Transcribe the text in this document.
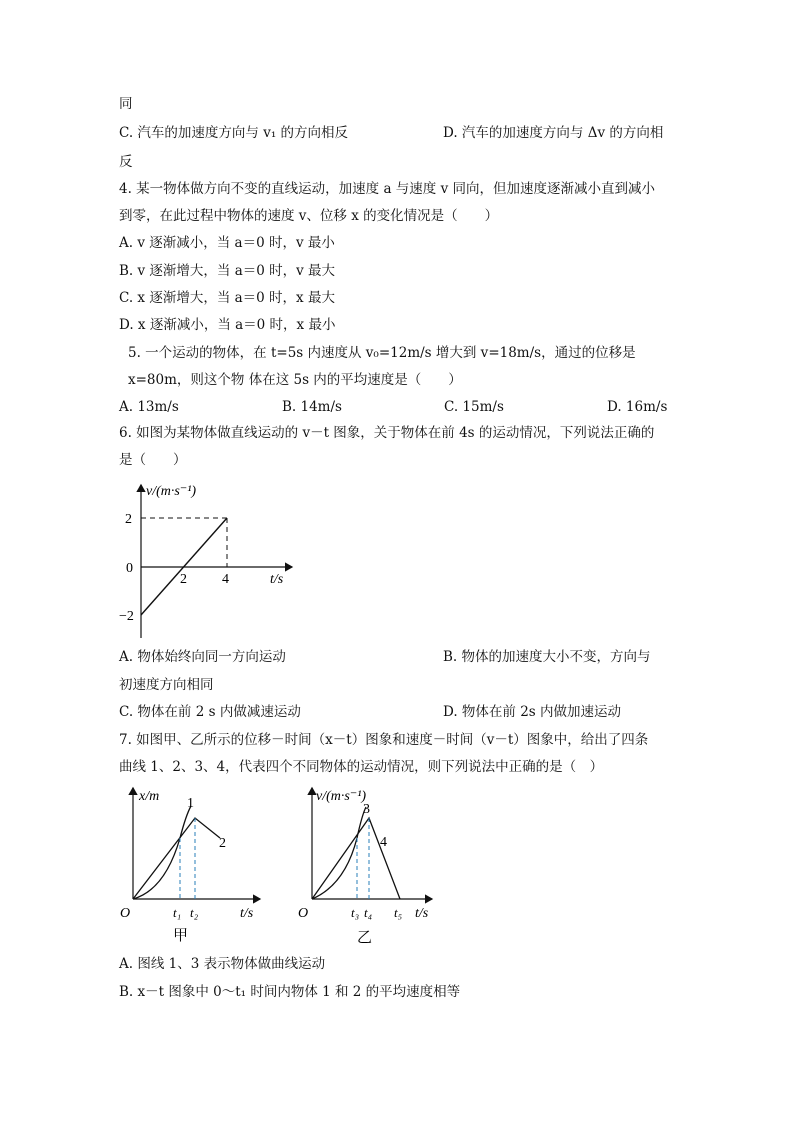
同
C. 汽车的加速度方向与 v₁ 的方向相反	D. 汽车的加速度方向与 Δv 的方向相
反
4. 某一物体做方向不变的直线运动，加速度 a 与速度 v 同向，但加速度逐渐减小直到减小
到零，在此过程中物体的速度 v、位移 x 的变化情况是（　　）
A. v 逐渐减小，当 a＝0 时，v 最小
B. v 逐渐增大，当 a＝0 时，v 最大
C. x 逐渐增大，当 a＝0 时，x 最大
D. x 逐渐减小，当 a＝0 时，x 最小
5. 一个运动的物体，在 t=5s 内速度从 v₀=12m/s 增大到 v=18m/s，通过的位移是
x=80m，则这个物 体在这 5s 内的平均速度是（　　）
A. 13m/s	B. 14m/s	C. 15m/s	D. 16m/s
6. 如图为某物体做直线运动的 v－t 图象，关于物体在前 4s 的运动情况，下列说法正确的
是（　　）
v/(m·s⁻¹)
t/s
2
0
−2
2	4
A. 物体始终向同一方向运动	B. 物体的加速度大小不变，方向与
初速度方向相同
C. 物体在前 2 s 内做减速运动	D. 物体在前 2s 内做加速运动
7. 如图甲、乙所示的位移－时间（x－t）图象和速度－时间（v－t）图象中，给出了四条
曲线 1、2、3、4，代表四个不同物体的运动情况，则下列说法中正确的是（　）
x/m
t/s
O
1
2
t₁ t₂
甲
v/(m·s⁻¹)
t/s
O
3
4
t₃ t₄ t₅
乙
A. 图线 1、3 表示物体做曲线运动
B. x－t 图象中 0～t₁ 时间内物体 1 和 2 的平均速度相等
